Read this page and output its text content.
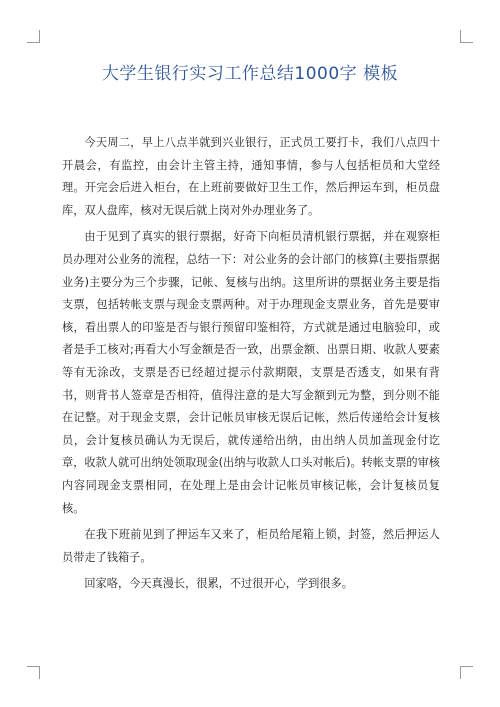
大学生银行实习工作总结1000字 模板

今天周二，早上八点半就到兴业银行，正式员工要打卡，我们八点四十开晨会，有监控，由会计主管主持，通知事情，参与人包括柜员和大堂经理。开完会后进入柜台，在上班前要做好卫生工作，然后押运车到，柜员盘库，双人盘库，核对无误后就上岗对外办理业务了。

由于见到了真实的银行票据，好奇下向柜员清机银行票据，并在观察柜员办理对公业务的流程，总结一下：对公业务的会计部门的核算(主要指票据业务)主要分为三个步骤，记帐、复核与出纳。这里所讲的票据业务主要是指支票，包括转帐支票与现金支票两种。对于办理现金支票业务，首先是要审核，看出票人的印鉴是否与银行预留印鉴相符，方式就是通过电脑验印，或者是手工核对;再看大小写金额是否一致，出票金额、出票日期、收款人要素等有无涂改，支票是否已经超过提示付款期限，支票是否透支，如果有背书，则背书人签章是否相符，值得注意的是大写金额到元为整，到分则不能在记整。对于现金支票，会计记帐员审核无误后记帐，然后传递给会计复核员，会计复核员确认为无误后，就传递给出纳，由出纳人员加盖现金付讫章，收款人就可出纳处领取现金(出纳与收款人口头对帐后)。转帐支票的审核内容同现金支票相同，在处理上是由会计记帐员审核记帐，会计复核员复核。

在我下班前见到了押运车又来了，柜员给尾箱上锁，封签，然后押运人员带走了钱箱子。

回家咯，今天真漫长，很累，不过很开心，学到很多。
